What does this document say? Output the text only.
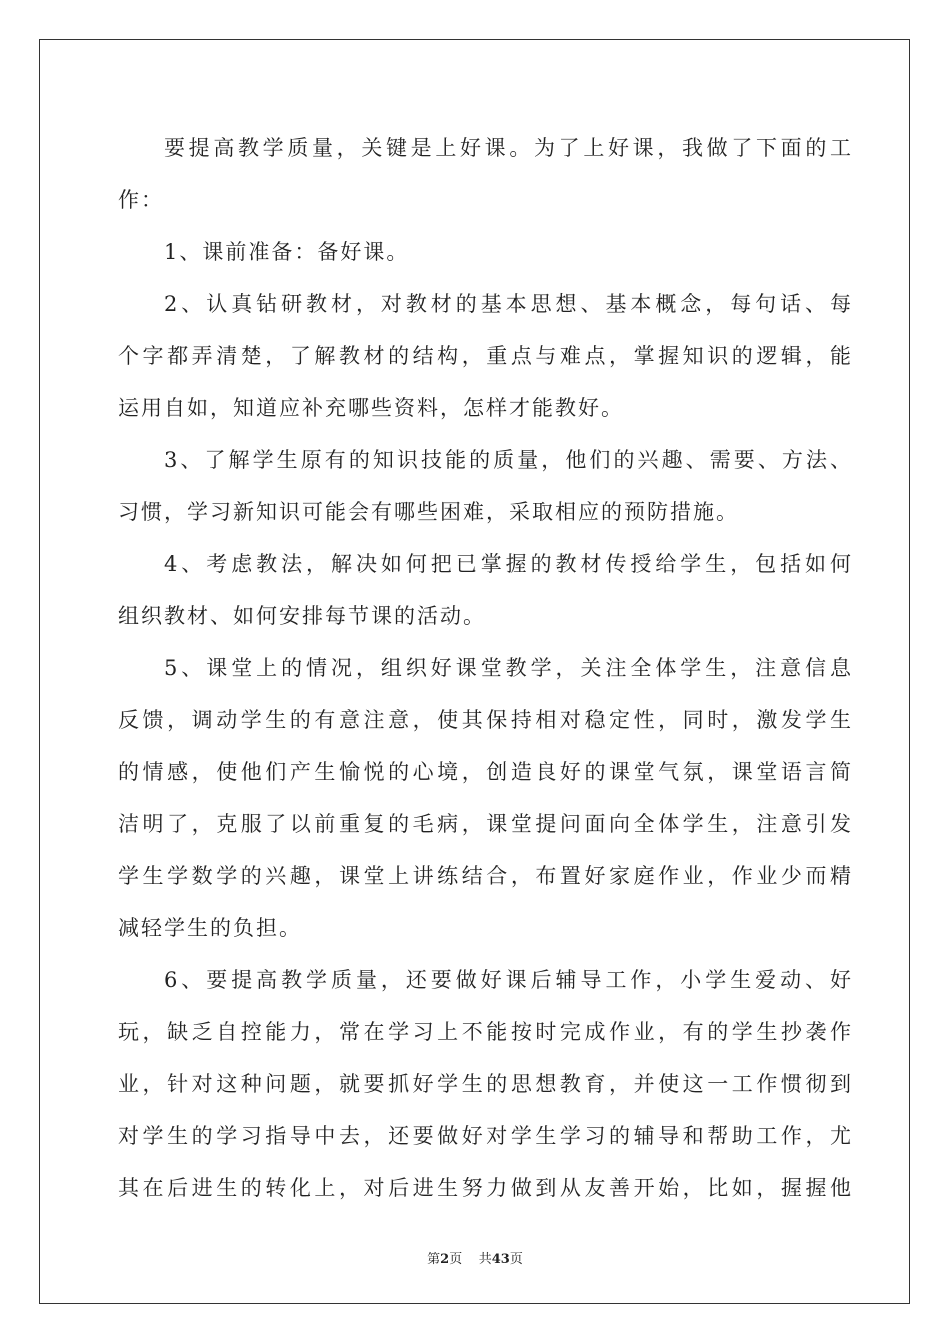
要提高教学质量，关键是上好课。为了上好课，我做了下面的工
作：
1、课前准备：备好课。
2、认真钻研教材，对教材的基本思想、基本概念，每句话、每
个字都弄清楚，了解教材的结构，重点与难点，掌握知识的逻辑，能
运用自如，知道应补充哪些资料，怎样才能教好。
3、了解学生原有的知识技能的质量，他们的兴趣、需要、方法、
习惯，学习新知识可能会有哪些困难，采取相应的预防措施。
4、考虑教法，解决如何把已掌握的教材传授给学生，包括如何
组织教材、如何安排每节课的活动。
5、课堂上的情况，组织好课堂教学，关注全体学生，注意信息
反馈，调动学生的有意注意，使其保持相对稳定性，同时，激发学生
的情感，使他们产生愉悦的心境，创造良好的课堂气氛，课堂语言简
洁明了，克服了以前重复的毛病，课堂提问面向全体学生，注意引发
学生学数学的兴趣，课堂上讲练结合，布置好家庭作业，作业少而精
减轻学生的负担。
6、要提高教学质量，还要做好课后辅导工作，小学生爱动、好
玩，缺乏自控能力，常在学习上不能按时完成作业，有的学生抄袭作
业，针对这种问题，就要抓好学生的思想教育，并使这一工作惯彻到
对学生的学习指导中去，还要做好对学生学习的辅导和帮助工作，尤
其在后进生的转化上，对后进生努力做到从友善开始，比如，握握他
第2页 共43页
